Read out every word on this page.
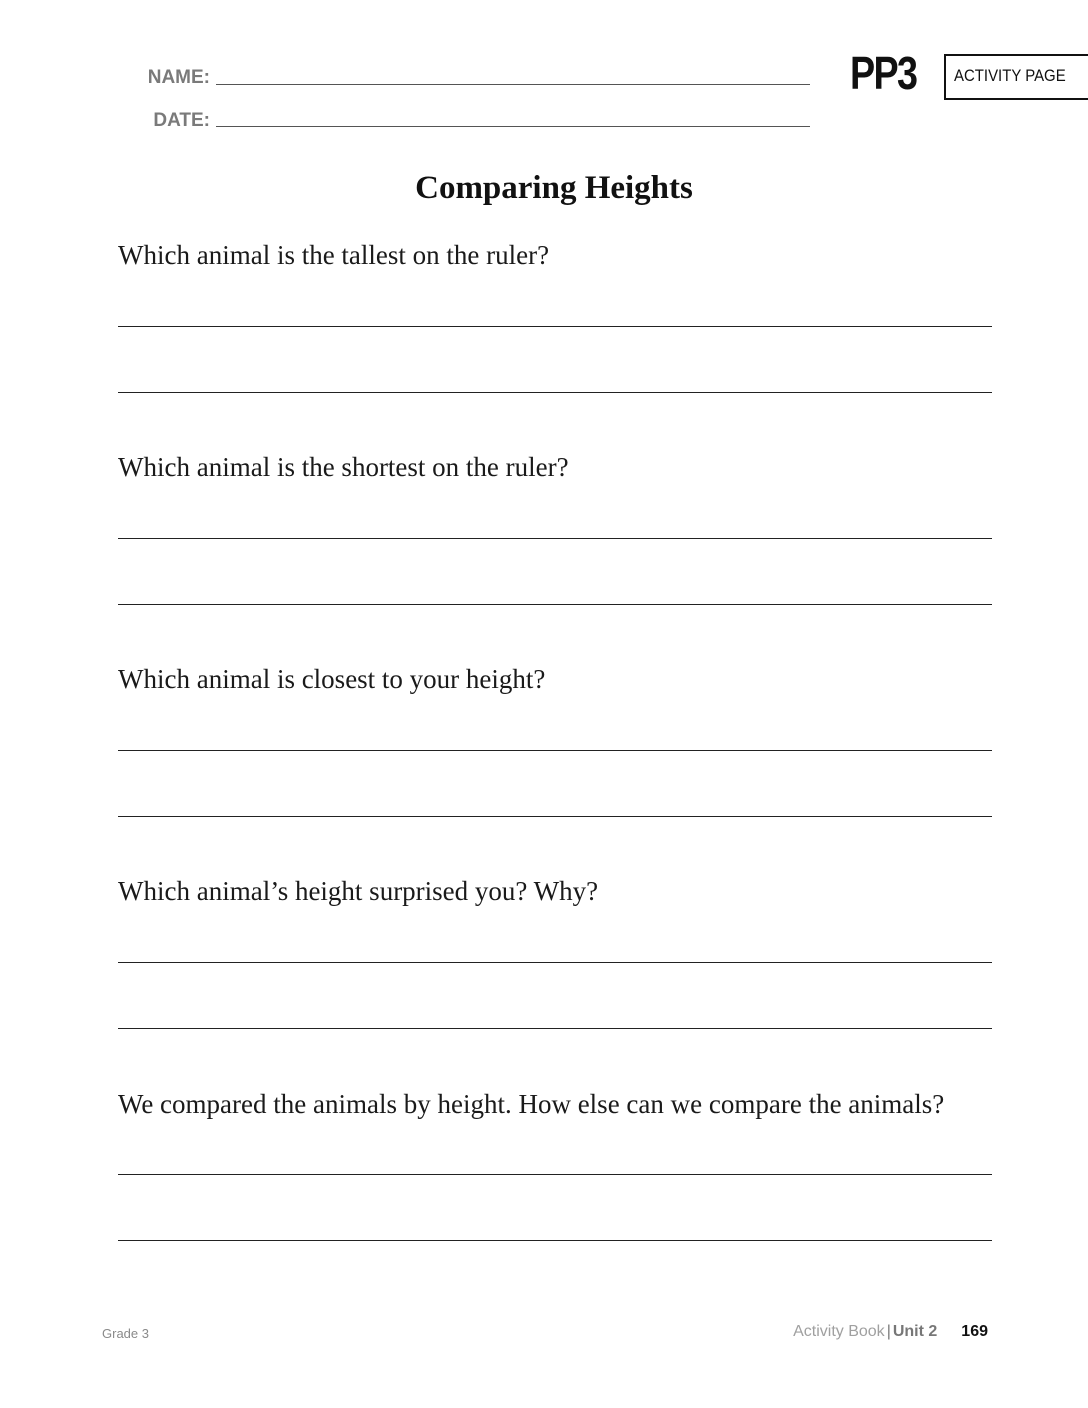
NAME:
DATE:
PP3 ACTIVITY PAGE
Comparing Heights
Which animal is the tallest on the ruler?
Which animal is the shortest on the ruler?
Which animal is closest to your height?
Which animal’s height surprised you? Why?
We compared the animals by height. How else can we compare the animals?
Grade 3	Activity Book | Unit 2 169
